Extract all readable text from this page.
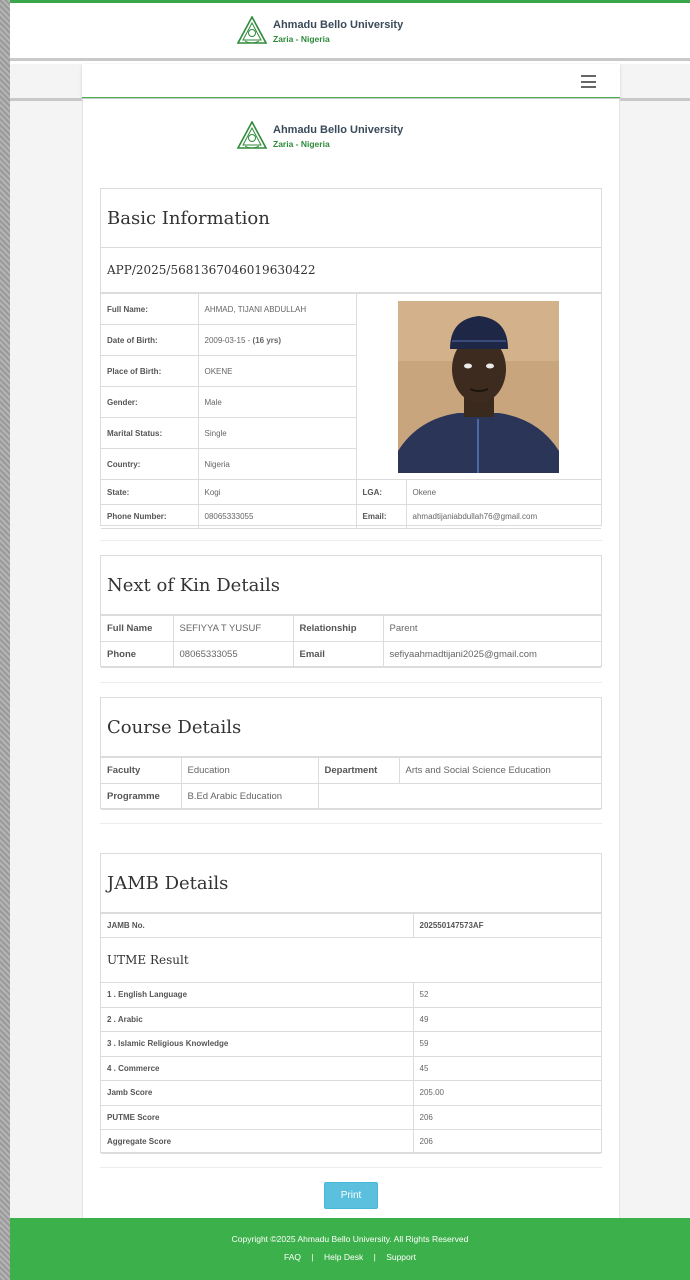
Ahmadu Bello University
Zaria - Nigeria
Ahmadu Bello University
Zaria - Nigeria
Basic Information
APP/2025/5681367046019630422
Full Name:	AHMAD, TIJANI ABDULLAH	

Date of Birth:	2009-03-15 - (16 yrs)		
Place of Birth:	OKENE		
Gender:	Male		
Marital Status:	Single		
Country:	Nigeria		
State:	Kogi	LGA:	Okene
Phone Number:	08065333055	Email:	ahmadtijaniabdullah76@gmail.com
Next of Kin Details
Full Name	SEFIYYA T YUSUF	Relationship	Parent
Phone	08065333055	Email	sefiyaahmadtijani2025@gmail.com
Course Details
Faculty	Education	Department	Arts and Social Science Education
Programme	B.Ed Arabic Education		
JAMB Details
JAMB No.	202550147573AF
UTME Result	
1 . English Language	52
2 . Arabic	49
3 . Islamic Religious Knowledge	59
4 . Commerce	45
Jamb Score	205.00
PUTME Score	206
Aggregate Score	206
Print
Copyright ©2025 Ahmadu Bello University. All Rights Reserved
FAQ | Help Desk | Support
